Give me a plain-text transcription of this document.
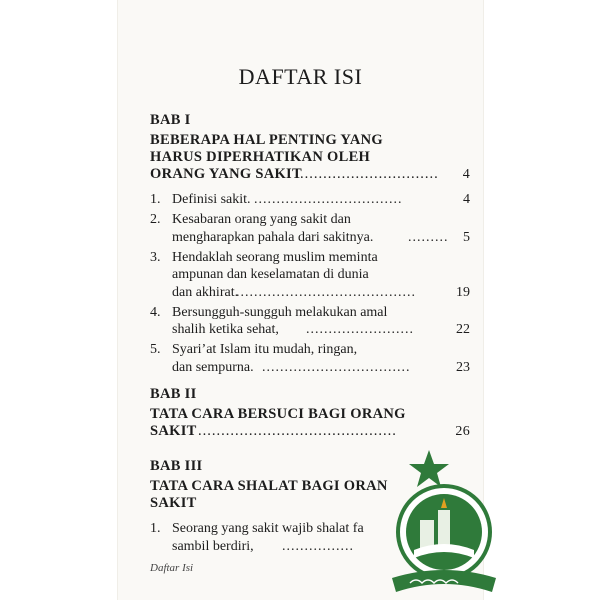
DAFTAR ISI
BAB I
BEBERAPA HAL PENTING YANG
HARUS DIPERHATIKAN OLEH
ORANG YANG SAKIT
.............................. 4
1. Definisi sakit. .................................	4
2. Kesabaran orang yang sakit dan
mengharapkan pahala dari sakitnya. ......... 5
3. Hendaklah seorang muslim meminta
ampunan dan keselamatan di dunia
dan akhirat.
........................................	19
4. Bersungguh-sungguh melakukan amal
shalih ketika sehat, ........................	22
5. Syari’at Islam itu mudah, ringan,
dan sempurna. .................................	23
BAB II
TATA CARA BERSUCI BAGI ORANG
SAKIT ...........................................	26
BAB III
TATA CARA SHALAT BAGI ORAN
SAKIT
1. Seorang yang sakit wajib shalat fa
sambil berdiri, ................
Daftar Isi
